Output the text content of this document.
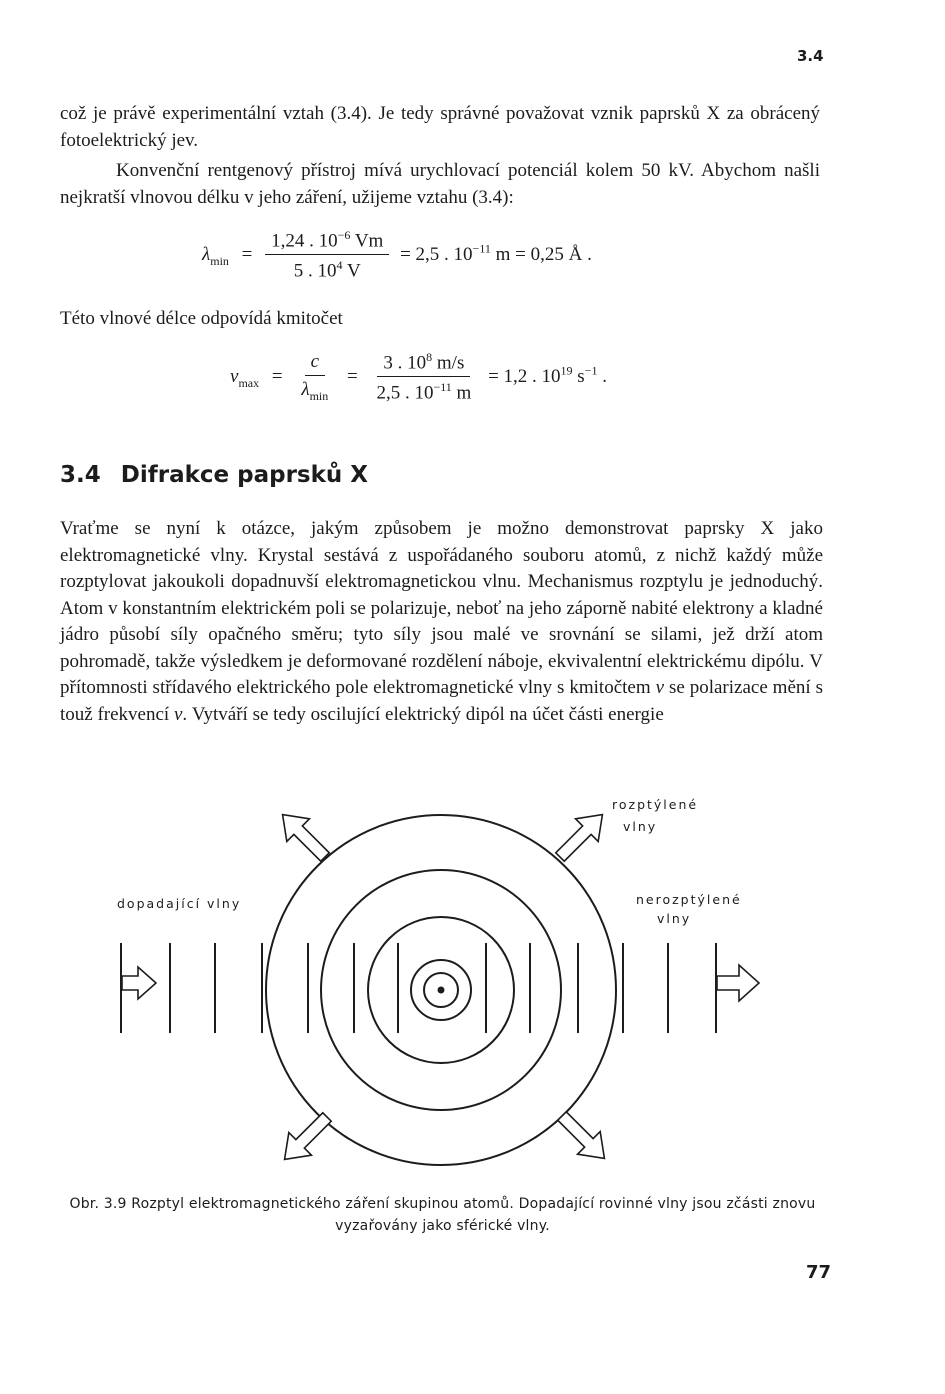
3.4

což je právě experimentální vztah (3.4). Je tedy správné považovat vznik paprsků X za obrácený fotoelektrický jev.

Konvenční rentgenový přístroj mívá urychlovací potenciál kolem 50 kV. Abychom našli nejkratší vlnovou délku v jeho záření, užijeme vztahu (3.4):

$\lambda_{min} = \frac{1,24 . 10^{-6} Vm}{5 . 10^4 V} = 2,5$ . $10^{-11}$ m = 0,25 Å .

Této vlnové délce odpovídá kmitočet

$\nu_{max} = \frac{c}{\lambda_{min}} = \frac{3 . 10^8 m/s}{2,5 . 10^{-11} m} = 1,2$ . $10^{19}$ $s^{-1}$ .
3.4 Difrakce paprsků X

Vraťme se nyní k otázce, jakým způsobem je možno demonstrovat paprsky X jako elektromagnetické vlny. Krystal sestává z uspořádaného souboru atomů, z nichž každý může rozptylovat jakoukoli dopadnuvší elektromagnetickou vlnu. Mechanismus rozptylu je jednoduchý. Atom v konstantním elektrickém poli se polarizuje, neboť na jeho záporně nabité elektrony a kladné jádro působí síly opačného směru; tyto síly jsou malé ve srovnání se silami, jež drží atom pohromadě, takže výsledkem je deformované rozdělení náboje, ekvivalentní elektrickému dipólu. V přítomnosti střídavého elektrického pole elektromagnetické vlny s kmitočtem ν se polarizace mění s touž frekvencí ν. Vytváří se tedy oscilující elektrický dipól na účet části energie

dopadající vlny
rozptýlené
vlny
nerozptýlené
vlny
Obr. 3.9 Rozptyl elektromagnetického záření skupinou atomů. Dopadající rovinné vlny jsou zčásti znovu vyzařovány jako sférické vlny.
77
